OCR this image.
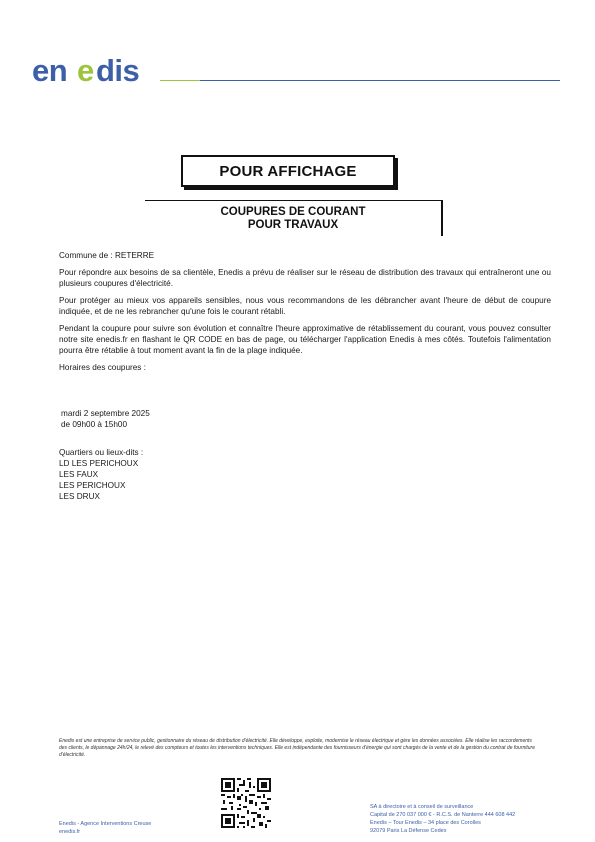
en e dis
POUR AFFICHAGE
COUPURES DE COURANT
POUR TRAVAUX

Commune de : RETERRE

Pour répondre aux besoins de sa clientèle, Enedis a prévu de réaliser sur le réseau de distribution des travaux qui entraîneront une ou plusieurs coupures d'électricité.

Pour protéger au mieux vos appareils sensibles, nous vous recommandons de les débrancher avant l'heure de début de coupure indiquée, et de ne les rebrancher qu'une fois le courant rétabli.

Pendant la coupure pour suivre son évolution et connaître l'heure approximative de rétablissement du courant, vous pouvez consulter notre site enedis.fr en flashant le QR CODE en bas de page, ou télécharger l'application Enedis à mes côtés. Toutefois l'alimentation pourra être rétablie à tout moment avant la fin de la plage indiquée.

Horaires des coupures :

mardi 2 septembre 2025
de 09h00 à 15h00
Quartiers ou lieux-dits :
LD LES PERICHOUX
LES FAUX
LES PERICHOUX
LES DRUX
Enedis est une entreprise de service public, gestionnaire du réseau de distribution d'électricité. Elle développe, exploite, modernise le réseau électrique et gère les données associées. Elle réalise les raccordements des clients, le dépannage 24h/24, le relevé des compteurs et toutes les interventions techniques. Elle est indépendante des fournisseurs d'énergie qui sont chargés de la vente et de la gestion du contrat de fourniture d'électricité.
Enedis - Agence Interventions Creuse
enedis.fr
SA à directoire et à conseil de surveillance
Capital de 270 037 000 € - R.C.S. de Nanterre 444 608 442
Enedis – Tour Enedis – 34 place des Corolles
92079 Paris La Défense Cedex
